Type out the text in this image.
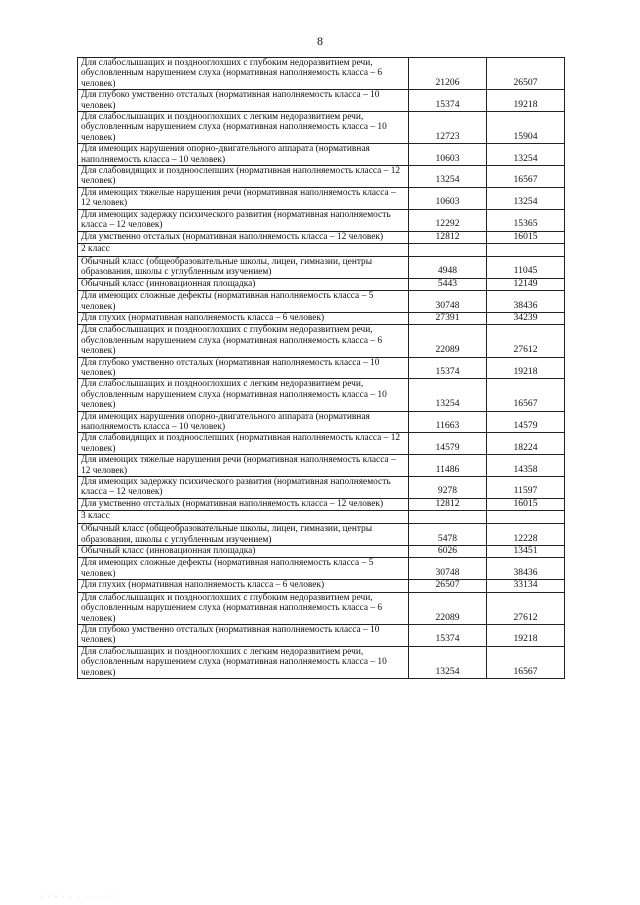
8
Для слабослышащих и позднооглохших с глубоким недоразвитием речи, обусловленным нарушением слуха (нормативная наполняемость класса – 6 человек)	21206	26507
Для глубоко умственно отсталых (нормативная наполняемость класса – 10 человек)	15374	19218
Для слабослышащих и позднооглохших с легким недоразвитием речи, обусловленным нарушением слуха (нормативная наполняемость класса – 10 человек)	12723	15904
Для имеющих нарушения опорно-двигательного аппарата (нормативная наполняемость класса – 10 человек)	10603	13254
Для слабовидящих и поздноослепших (нормативная наполняемость класса – 12 человек)	13254	16567
Для имеющих тяжелые нарушения речи (нормативная наполняемость класса – 12 человек)	10603	13254
Для имеющих задержку психического развития (нормативная наполняемость класса – 12 человек)	12292	15365
Для умственно отсталых (нормативная наполняемость класса – 12 человек)	12812	16015
2 класс		
Обычный класс (общеобразовательные школы, лицеи, гимназии, центры образования, школы с углубленным изучением)	4948	11045
Обычный класс (инновационная площадка)	5443	12149
Для имеющих сложные дефекты (нормативная наполняемость класса – 5 человек)	30748	38436
Для глухих (нормативная наполняемость класса – 6 человек)	27391	34239
Для слабослышащих и позднооглохших с глубоким недоразвитием речи, обусловленным нарушением слуха (нормативная наполняемость класса – 6 человек)	22089	27612
Для глубоко умственно отсталых (нормативная наполняемость класса – 10 человек)	15374	19218
Для слабослышащих и позднооглохших с легким недоразвитием речи, обусловленным нарушением слуха (нормативная наполняемость класса – 10 человек)	13254	16567
Для имеющих нарушения опорно-двигательного аппарата (нормативная наполняемость класса – 10 человек)	11663	14579
Для слабовидящих и поздноослепших (нормативная наполняемость класса – 12 человек)	14579	18224
Для имеющих тяжелые нарушения речи (нормативная наполняемость класса – 12 человек)	11486	14358
Для имеющих задержку психического развития (нормативная наполняемость класса – 12 человек)	9278	11597
Для умственно отсталых (нормативная наполняемость класса – 12 человек)	12812	16015
3 класс		
Обычный класс (общеобразовательные школы, лицеи, гимназии, центры образования, школы с углубленным изучением)	5478	12228
Обычный класс (инновационная площадка)	6026	13451
Для имеющих сложные дефекты (нормативная наполняемость класса – 5 человек)	30748	38436
Для глухих (нормативная наполняемость класса – 6 человек)	26507	33134
Для слабослышащих и позднооглохших с глубоким недоразвитием речи, обусловленным нарушением слуха (нормативная наполняемость класса – 6 человек)	22089	27612
Для глубоко умственно отсталых (нормативная наполняемость класса – 10 человек)	15374	19218
Для слабослышащих и позднооглохших с легким недоразвитием речи, обусловленным нарушением слуха (нормативная наполняемость класса – 10 человек)	13254	16567
· · · · · · · · · · ·
